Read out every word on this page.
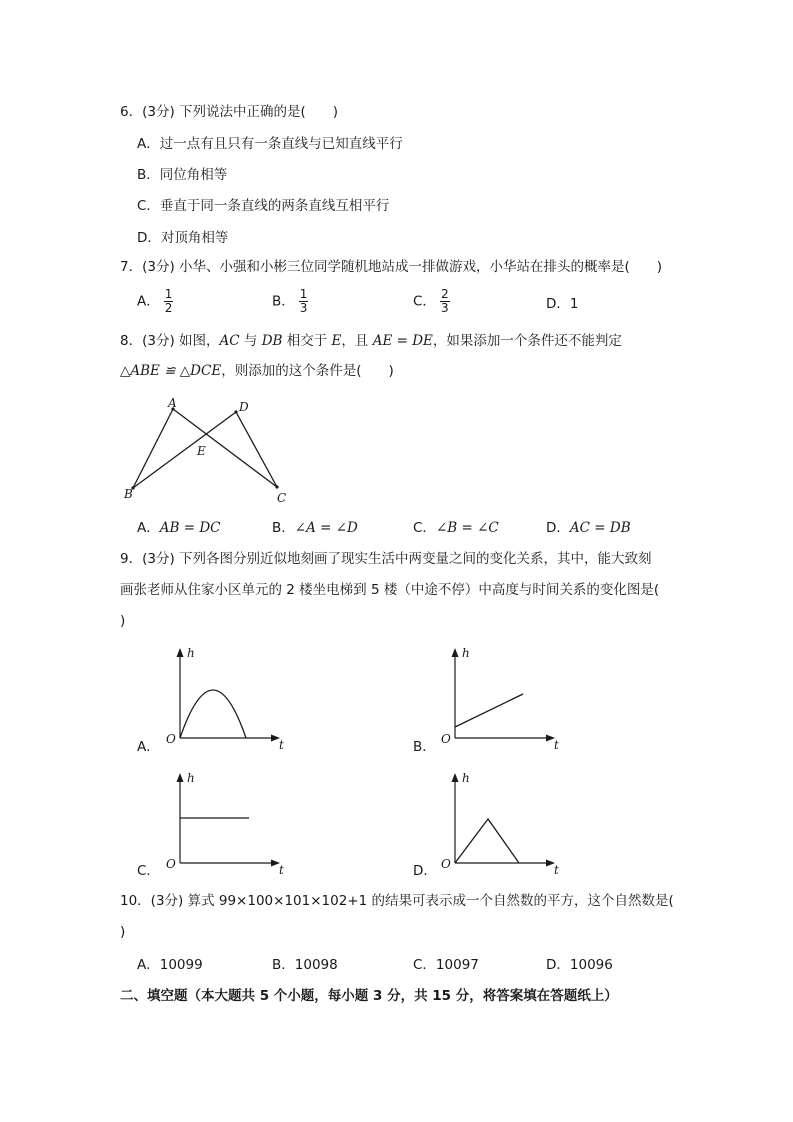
6．(3分) 下列说法中正确的是(　　)
A．过一点有且只有一条直线与已知直线平行
B．同位角相等
C．垂直于同一条直线的两条直线互相平行
D．对顶角相等
7．(3分) 小华、小强和小彬三位同学随机地站成一排做游戏，小华站在排头的概率是(　　)
A． $\frac{1}{2}$	B． $\frac{1}{3}$	C． $\frac{2}{3}$	D．1
8．(3分) 如图，AC 与 DB 相交于 E，且 AE = DE，如果添加一个条件还不能判定
△ABE ≌ △DCE，则添加的这个条件是(　　)
A	D
E
B	C
A．AB = DC	B．∠A = ∠D	C．∠B = ∠C	D．AC = DB
9．(3分) 下列各图分别近似地刻画了现实生活中两变量之间的变化关系，其中，能大致刻
画张老师从住家小区单元的 2 楼坐电梯到 5 楼（中途不停）中高度与时间关系的变化图是(
)
A．
h
O	t	B．
h
O	t
C．
h
O	t	D．
h
O	t
10．(3分) 算式 99×100×101×102+1 的结果可表示成一个自然数的平方，这个自然数是(
)
A．10099	B．10098	C．10097	D．10096
二、填空题（本大题共 5 个小题，每小题 3 分，共 15 分，将答案填在答题纸上）
